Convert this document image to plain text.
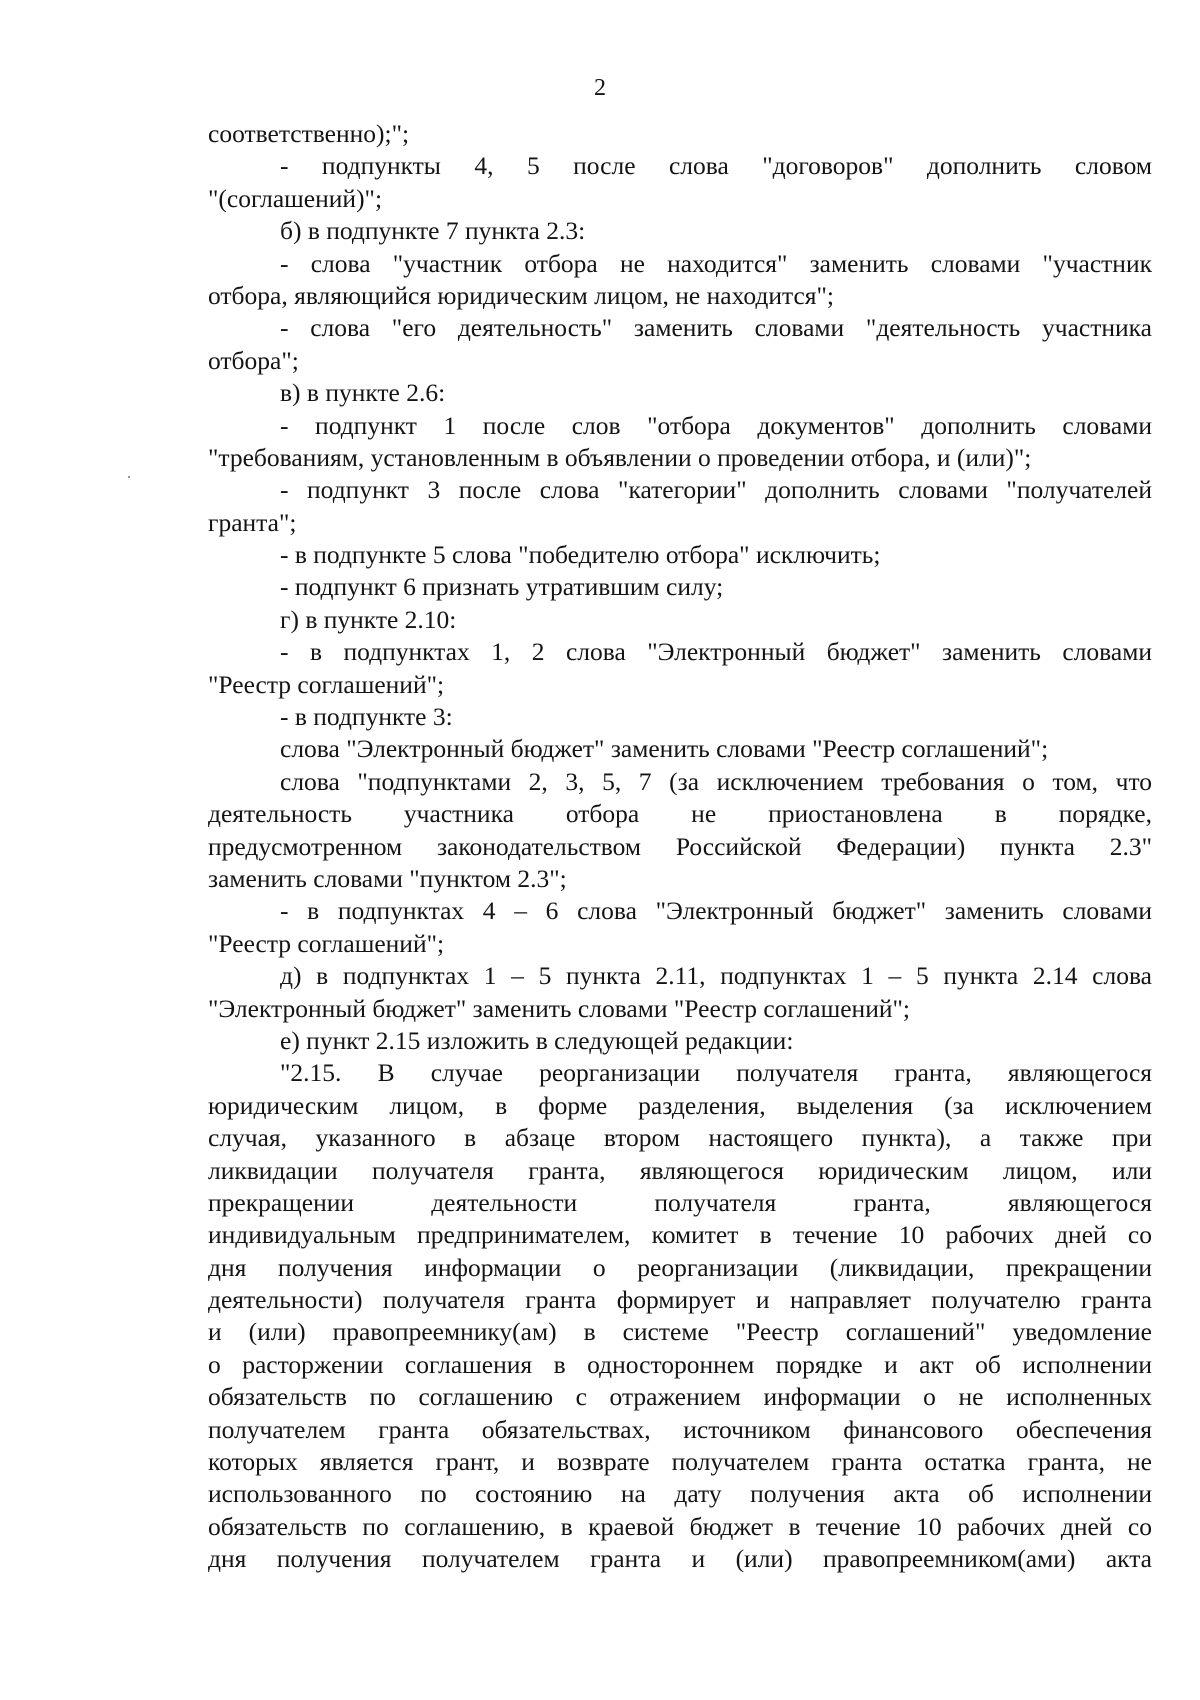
2
соответственно);";
- подпункты 4, 5 после слова "договоров" дополнить словом
"(соглашений)";
б) в подпункте 7 пункта 2.3:
- слова "участник отбора не находится" заменить словами "участник
отбора, являющийся юридическим лицом, не находится";
- слова "его деятельность" заменить словами "деятельность участника
отбора";
в) в пункте 2.6:
- подпункт 1 после слов "отбора документов" дополнить словами
"требованиям, установленным в объявлении о проведении отбора, и (или)";
- подпункт 3 после слова "категории" дополнить словами "получателей
гранта";
- в подпункте 5 слова "победителю отбора" исключить;
- подпункт 6 признать утратившим силу;
г) в пункте 2.10:
- в подпунктах 1, 2 слова "Электронный бюджет" заменить словами
"Реестр соглашений";
- в подпункте 3:
слова "Электронный бюджет" заменить словами "Реестр соглашений";
слова "подпунктами 2, 3, 5, 7 (за исключением требования о том, что
деятельность участника отбора не приостановлена в порядке,
предусмотренном законодательством Российской Федерации) пункта 2.3"
заменить словами "пунктом 2.3";
- в подпунктах 4 – 6 слова "Электронный бюджет" заменить словами
"Реестр соглашений";
д) в подпунктах 1 – 5 пункта 2.11, подпунктах 1 – 5 пункта 2.14 слова
"Электронный бюджет" заменить словами "Реестр соглашений";
е) пункт 2.15 изложить в следующей редакции:
"2.15. В случае реорганизации получателя гранта, являющегося
юридическим лицом, в форме разделения, выделения (за исключением
случая, указанного в абзаце втором настоящего пункта), а также при
ликвидации получателя гранта, являющегося юридическим лицом, или
прекращении деятельности получателя гранта, являющегося
индивидуальным предпринимателем, комитет в течение 10 рабочих дней со
дня получения информации о реорганизации (ликвидации, прекращении
деятельности) получателя гранта формирует и направляет получателю гранта
и (или) правопреемнику(ам) в системе "Реестр соглашений" уведомление
о расторжении соглашения в одностороннем порядке и акт об исполнении
обязательств по соглашению с отражением информации о не исполненных
получателем гранта обязательствах, источником финансового обеспечения
которых является грант, и возврате получателем гранта остатка гранта, не
использованного по состоянию на дату получения акта об исполнении
обязательств по соглашению, в краевой бюджет в течение 10 рабочих дней со
дня получения получателем гранта и (или) правопреемником(ами) акта
